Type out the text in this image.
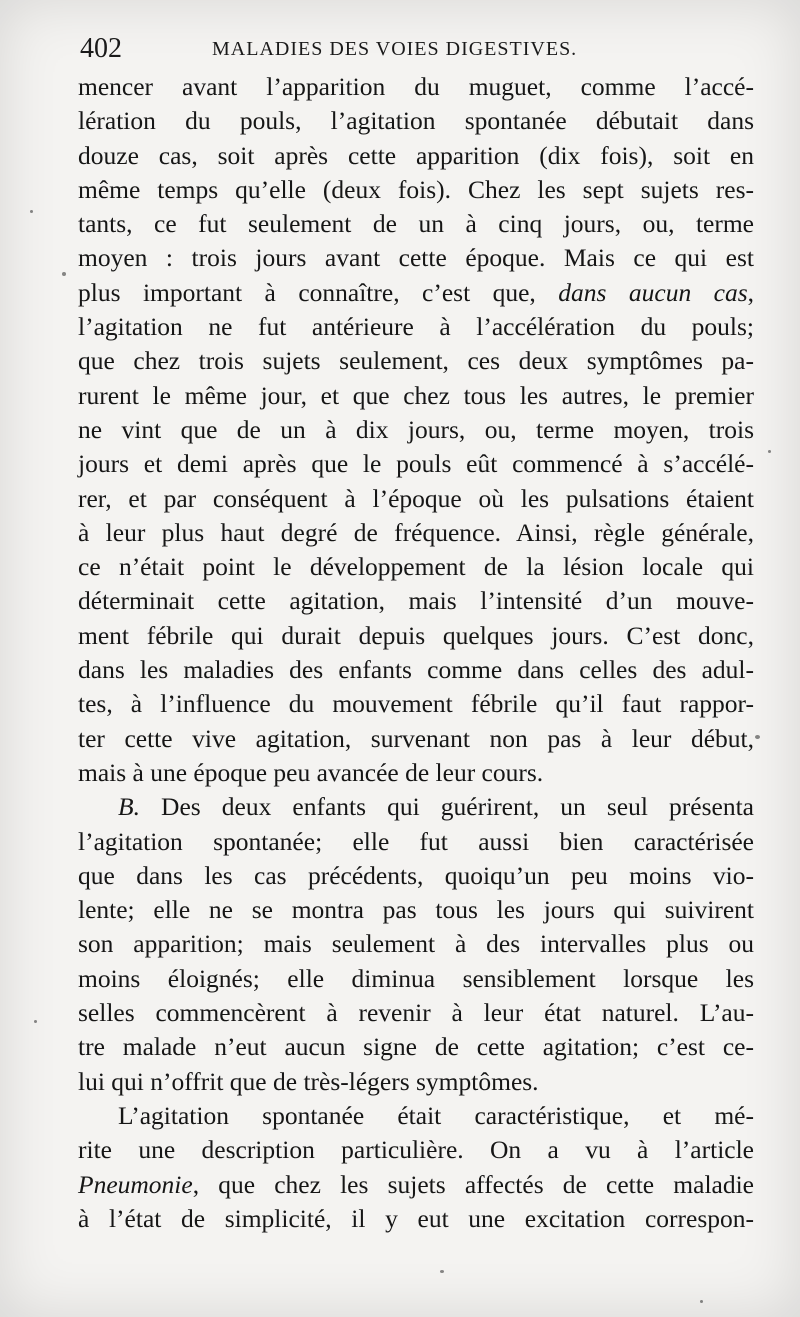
402	MALADIES DES VOIES DIGESTIVES.
mencer avant l’apparition du muguet, comme l’accé-
lération du pouls, l’agitation spontanée débutait dans
douze cas, soit après cette apparition (dix fois), soit en
même temps qu’elle (deux fois). Chez les sept sujets res-
tants, ce fut seulement de un à cinq jours, ou, terme
moyen : trois jours avant cette époque. Mais ce qui est
plus important à connaître, c’est que, dans aucun cas,
l’agitation ne fut antérieure à l’accélération du pouls;
que chez trois sujets seulement, ces deux symptômes pa-
rurent le même jour, et que chez tous les autres, le premier
ne vint que de un à dix jours, ou, terme moyen, trois
jours et demi après que le pouls eût commencé à s’accélé-
rer, et par conséquent à l’époque où les pulsations étaient
à leur plus haut degré de fréquence. Ainsi, règle générale,
ce n’était point le développement de la lésion locale qui
déterminait cette agitation, mais l’intensité d’un mouve-
ment fébrile qui durait depuis quelques jours. C’est donc,
dans les maladies des enfants comme dans celles des adul-
tes, à l’influence du mouvement fébrile qu’il faut rappor-
ter cette vive agitation, survenant non pas à leur début,
mais à une époque peu avancée de leur cours.
B. Des deux enfants qui guérirent, un seul présenta
l’agitation spontanée; elle fut aussi bien caractérisée
que dans les cas précédents, quoiqu’un peu moins vio-
lente; elle ne se montra pas tous les jours qui suivirent
son apparition; mais seulement à des intervalles plus ou
moins éloignés; elle diminua sensiblement lorsque les
selles commencèrent à revenir à leur état naturel. L’au-
tre malade n’eut aucun signe de cette agitation; c’est ce-
lui qui n’offrit que de très-légers symptômes.
L’agitation spontanée était caractéristique, et mé-
rite une description particulière. On a vu à l’article
Pneumonie, que chez les sujets affectés de cette maladie
à l’état de simplicité, il y eut une excitation correspon-
